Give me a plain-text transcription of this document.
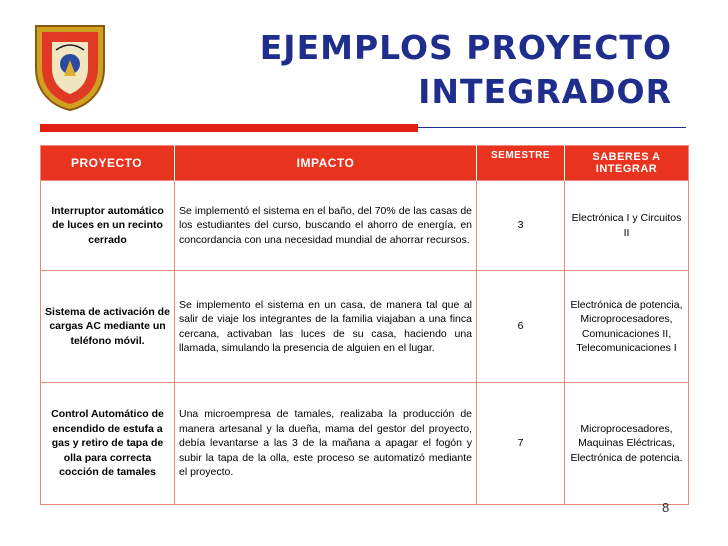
EJEMPLOS PROYECTO
INTEGRADOR
PROYECTO	IMPACTO	SEMESTRE	SABERES A INTEGRAR
Interruptor automático de luces en un recinto cerrado	Se implementó el sistema en el baño, del 70% de las casas de los estudiantes del curso, buscando el ahorro de energía, en concordancia con una necesidad mundial de ahorrar recursos.	3	Electrónica I y Circuitos II
Sistema de activación de cargas AC mediante un teléfono móvil.	Se implemento el sistema en un casa, de manera tal que al salir de viaje los integrantes de la familia viajaban a una finca cercana, activaban las luces de su casa, haciendo una llamada, simulando la presencia de alguien en el lugar.	6	Electrónica de potencia, Microprocesadores, Comunicaciones II, Telecomunicaciones I
Control Automático de encendido de estufa a gas y retiro de tapa de olla para correcta cocción de tamales	Una microempresa de tamales, realizaba la producción de manera artesanal y la dueña, mama del gestor del proyecto, debía levantarse a las 3 de la mañana a apagar el fogón y subir la tapa de la olla, este proceso se automatizó mediante el proyecto.	7	Microprocesadores, Maquinas Eléctricas, Electrónica de potencia.
8
